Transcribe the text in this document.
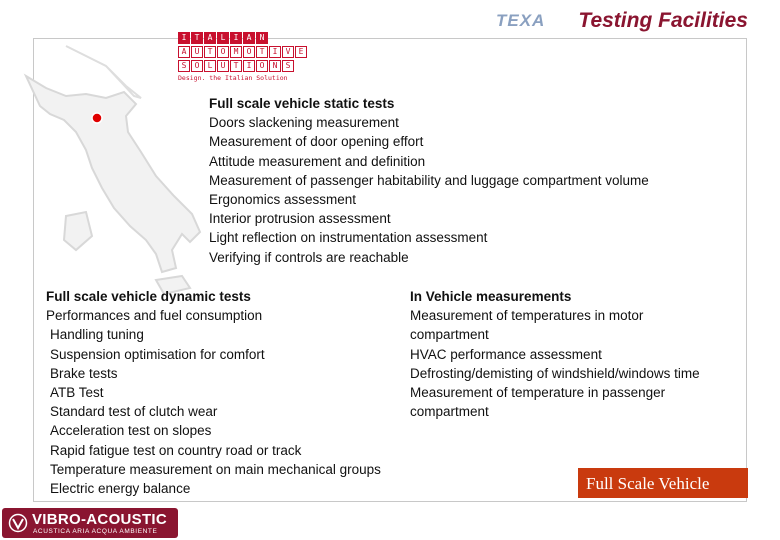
I	T	A	L	I	A	N
A	U	T	O	M	O	T	I	V	E
S	O	L	U	T	I	O	N	S
Design. the Italian Solution
TEXA Testing Facilities
Full scale vehicle static tests
Doors slackening measurement
Measurement of door opening effort
Attitude measurement and definition
Measurement of passenger habitability and luggage compartment volume
Ergonomics assessment
Interior protrusion assessment
Light reflection on instrumentation assessment
Verifying if controls are reachable
Full scale vehicle dynamic tests
Performances and fuel consumption
Handling tuning
Suspension optimisation for comfort
Brake tests
ATB Test
Standard test of clutch wear
Acceleration test on slopes
Rapid fatigue test on country road or track
Temperature measurement on main mechanical groups
Electric energy balance
In Vehicle measurements
Measurement of temperatures in motor compartment
HVAC performance assessment
Defrosting/demisting of windshield/windows time
Measurement of temperature in passenger compartment
Full Scale Vehicle
VIBRO-ACOUSTIC
ACUSTICA ARIA ACQUA AMBIENTE
